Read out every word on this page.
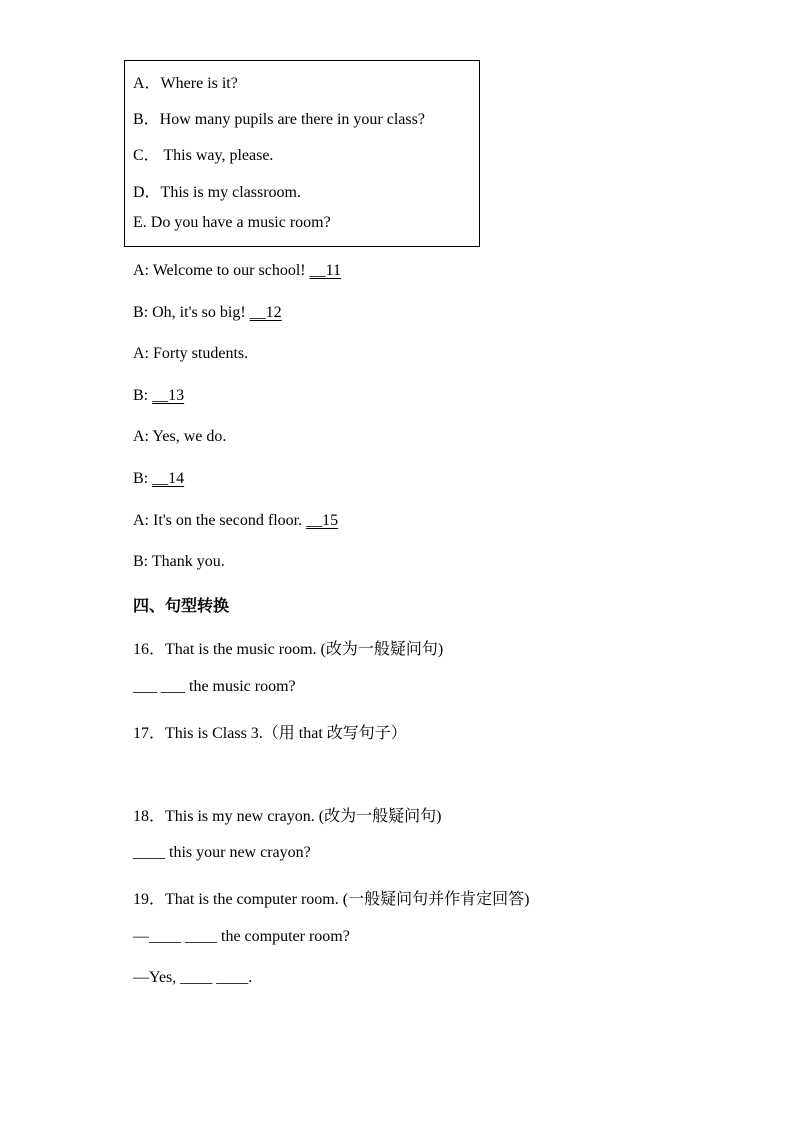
A．Where is it?
B．How many pupils are there in your class?
C． This way, please.
D．This is my classroom.
E. Do you have a music room?
A: Welcome to our school! __11
B: Oh, it's so big! __12
A: Forty students.
B: __13
A: Yes, we do.
B: __14
A: It's on the second floor. __15
B: Thank you.
四、句型转换
16．That is the music room. (改为一般疑问句)
___ ___ the music room?
17．This is Class 3.（用 that 改写句子）
18．This is my new crayon. (改为一般疑问句)
____ this your new crayon?
19．That is the computer room. (一般疑问句并作肯定回答)
—____ ____ the computer room?
—Yes, ____ ____.
